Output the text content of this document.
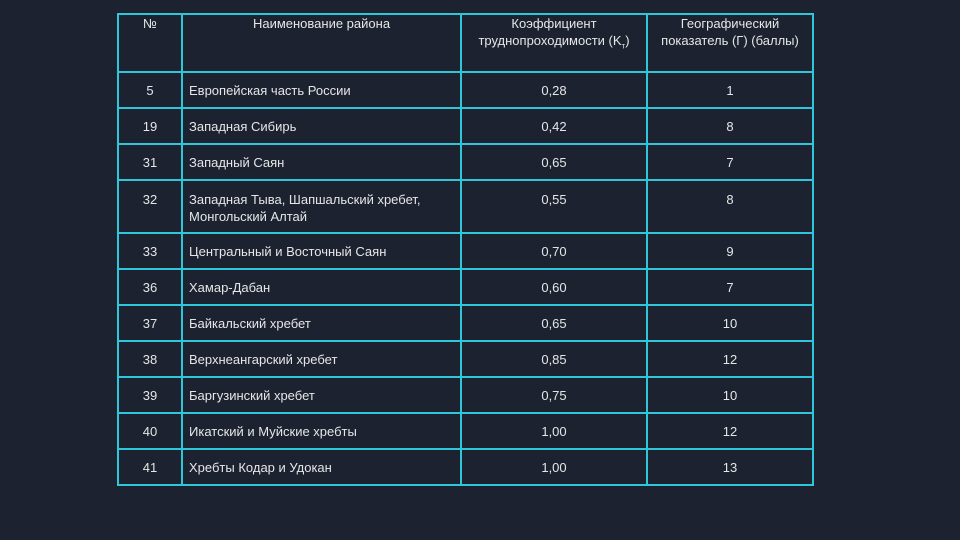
№	Наименование района	Коэффициент труднопроходимости $(K_т)$	Географический показатель (Г) (баллы)
5	Европейская часть России	0,28	1
19	Западная Сибирь	0,42	8
31	Западный Саян	0,65	7
32	Западная Тыва, Шапшальский хребет, Монгольский Алтай	0,55	8
33	Центральный и Восточный Саян	0,70	9
36	Хамар-Дабан	0,60	7
37	Байкальский хребет	0,65	10
38	Верхнеангарский хребет	0,85	12
39	Баргузинский хребет	0,75	10
40	Икатский и Муйские хребты	1,00	12
41	Хребты Кодар и Удокан	1,00	13
